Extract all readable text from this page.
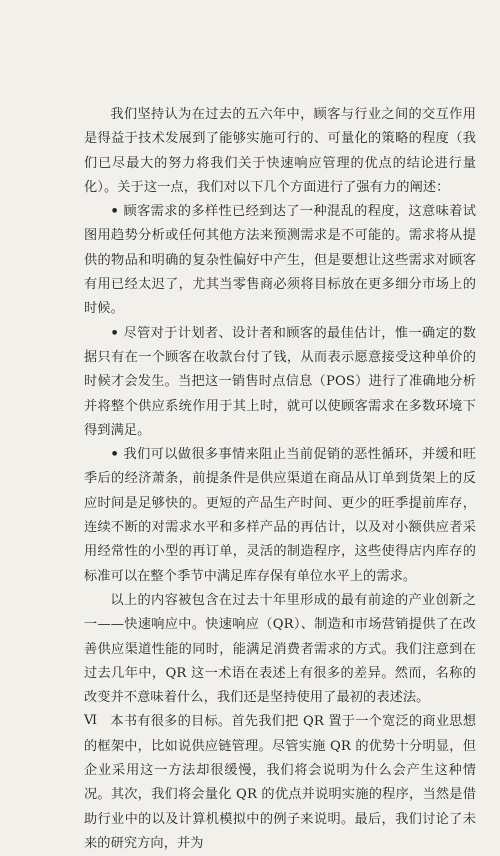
我们坚持认为在过去的五六年中，顾客与行业之间的交互作用是得益于技术发展到了能够实施可行的、可量化的策略的程度（我们已尽最大的努力将我们关于快速响应管理的优点的结论进行量化）。关于这一点，我们对以下几个方面进行了强有力的阐述：

• 顾客需求的多样性已经到达了一种混乱的程度，这意味着试图用趋势分析或任何其他方法来预测需求是不可能的。需求将从提供的物品和明确的复杂性偏好中产生，但是要想让这些需求对顾客有用已经太迟了，尤其当零售商必须将目标放在更多细分市场上的时候。

• 尽管对于计划者、设计者和顾客的最佳估计，惟一确定的数据只有在一个顾客在收款台付了钱，从而表示愿意接受这种单价的时候才会发生。当把这一销售时点信息（POS）进行了准确地分析并将整个供应系统作用于其上时，就可以使顾客需求在多数环境下得到满足。

• 我们可以做很多事情来阻止当前促销的恶性循环，并缓和旺季后的经济萧条，前提条件是供应渠道在商品从订单到货架上的反应时间是足够快的。更短的产品生产时间、更少的旺季提前库存，连续不断的对需求水平和多样产品的再估计，以及对小额供应者采用经常性的小型的再订单，灵活的制造程序，这些使得店内库存的标准可以在整个季节中满足库存保有单位水平上的需求。

以上的内容被包含在过去十年里形成的最有前途的产业创新之一——快速响应中。快速响应（QR）、制造和市场营销提供了在改善供应渠道性能的同时，能满足消费者需求的方式。我们注意到在过去几年中，QR 这一术语在表述上有很多的差异。然而，名称的改变并不意味着什么，我们还是坚持使用了最初的表述法。

本书有很多的目标。首先我们把 QR 置于一个宽泛的商业思想的框架中，比如说供应链管理。尽管实施 QR 的优势十分明显，但企业采用这一方法却很缓慢，我们将会说明为什么会产生这种情况。其次，我们将会量化 QR 的优点并说明实施的程序，当然是借助行业中的以及计算机模拟中的例子来说明。最后，我们讨论了未来的研究方向，并为

Ⅵ
